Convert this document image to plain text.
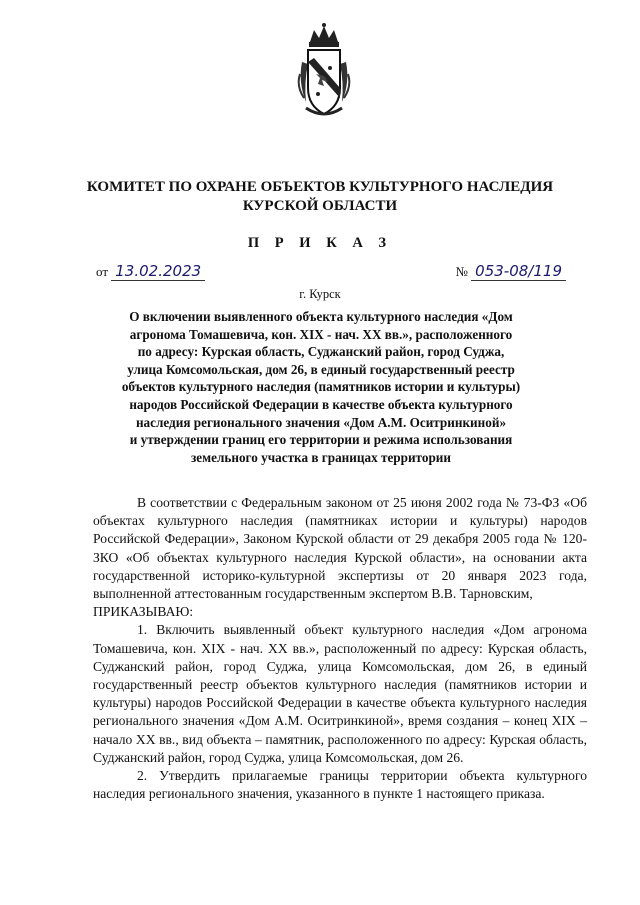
КОМИТЕТ ПО ОХРАНЕ ОБЪЕКТОВ КУЛЬТУРНОГО НАСЛЕДИЯ
КУРСКОЙ ОБЛАСТИ
П Р И К А З
от 13.02.2023	№ 053-08/119
г. Курск
О включении выявленного объекта культурного наследия «Дом
агронома Томашевича, кон. XIX - нач. XX вв.», расположенного
по адресу: Курская область, Суджанский район, город Суджа,
улица Комсомольская, дом 26, в единый государственный реестр
объектов культурного наследия (памятников истории и культуры)
народов Российской Федерации в качестве объекта культурного
наследия регионального значения «Дом А.М. Оситринкиной»
и утверждении границ его территории и режима использования
земельного участка в границах территории

В соответствии с Федеральным законом от 25 июня 2002 года № 73-ФЗ «Об объектах культурного наследия (памятниках истории и культуры) народов Российской Федерации», Законом Курской области от 29 декабря 2005 года № 120-ЗКО «Об объектах культурного наследия Курской области», на основании акта государственной историко-культурной экспертизы от 20 января 2023 года, выполненной аттестованным государственным экспертом В.В. Тарновским,

ПРИКАЗЫВАЮ:

1. Включить выявленный объект культурного наследия «Дом агронома Томашевича, кон. XIX - нач. XX вв.», расположенный по адресу: Курская область, Суджанский район, город Суджа, улица Комсомольская, дом 26, в единый государственный реестр объектов культурного наследия (памятников истории и культуры) народов Российской Федерации в качестве объекта культурного наследия регионального значения «Дом А.М. Оситринкиной», время создания – конец XIX – начало XX вв., вид объекта – памятник, расположенного по адресу: Курская область, Суджанский район, город Суджа, улица Комсомольская, дом 26.

2. Утвердить прилагаемые границы территории объекта культурного наследия регионального значения, указанного в пункте 1 настоящего приказа.
